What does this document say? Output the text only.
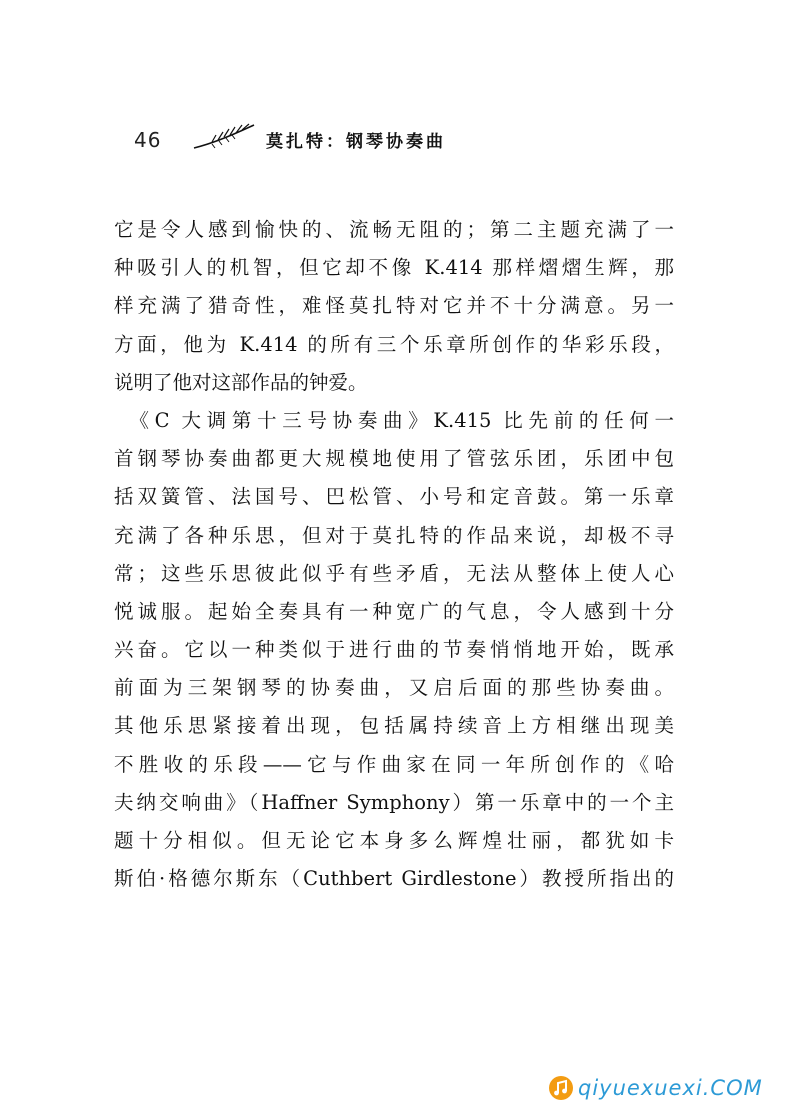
46	莫扎特：钢琴协奏曲
它是令人感到愉快的、流畅无阻的；第二主题充满了一
种吸引人的机智，但它却不像 K.414 那样熠熠生辉，那
样充满了猎奇性，难怪莫扎特对它并不十分满意。另一
方面，他为 K.414 的所有三个乐章所创作的华彩乐段，
说明了他对这部作品的钟爱。
　《C 大调第十三号协奏曲》K.415 比先前的任何一
首钢琴协奏曲都更大规模地使用了管弦乐团，乐团中包
括双簧管、法国号、巴松管、小号和定音鼓。第一乐章
充满了各种乐思，但对于莫扎特的作品来说，却极不寻
常；这些乐思彼此似乎有些矛盾，无法从整体上使人心
悦诚服。起始全奏具有一种宽广的气息，令人感到十分
兴奋。它以一种类似于进行曲的节奏悄悄地开始，既承
前面为三架钢琴的协奏曲，又启后面的那些协奏曲。
其他乐思紧接着出现，包括属持续音上方相继出现美
不胜收的乐段——它与作曲家在同一年所创作的《哈
夫纳交响曲》（Haffner Symphony）第一乐章中的一个主
题十分相似。但无论它本身多么辉煌壮丽，都犹如卡
斯伯·格德尔斯东（Cuthbert Girdlestone）教授所指出的
qiyuexuexi.COM
